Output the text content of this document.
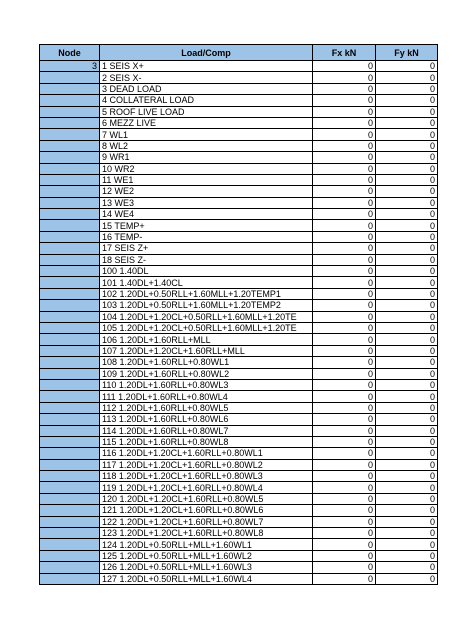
Node	Load/Comp	Fx kN	Fy kN
3	1 SEIS X+	0	0
	2 SEIS X-	0	0
	3 DEAD LOAD	0	0
	4 COLLATERAL LOAD	0	0
	5 ROOF LIVE LOAD	0	0
	6 MEZZ LIVE	0	0
	7 WL1	0	0
	8 WL2	0	0
	9 WR1	0	0
	10 WR2	0	0
	11 WE1	0	0
	12 WE2	0	0
	13 WE3	0	0
	14 WE4	0	0
	15 TEMP+	0	0
	16 TEMP-	0	0
	17 SEIS Z+	0	0
	18 SEIS Z-	0	0
	100 1.40DL	0	0
	101 1.40DL+1.40CL	0	0
	102 1.20DL+0.50RLL+1.60MLL+1.20TEMP1	0	0
	103 1.20DL+0.50RLL+1.60MLL+1.20TEMP2	0	0
	104 1.20DL+1.20CL+0.50RLL+1.60MLL+1.20TE	0	0
	105 1.20DL+1.20CL+0.50RLL+1.60MLL+1.20TE	0	0
	106 1.20DL+1.60RLL+MLL	0	0
	107 1.20DL+1.20CL+1.60RLL+MLL	0	0
	108 1.20DL+1.60RLL+0.80WL1	0	0
	109 1.20DL+1.60RLL+0.80WL2	0	0
	110 1.20DL+1.60RLL+0.80WL3	0	0
	111 1.20DL+1.60RLL+0.80WL4	0	0
	112 1.20DL+1.60RLL+0.80WL5	0	0
	113 1.20DL+1.60RLL+0.80WL6	0	0
	114 1.20DL+1.60RLL+0.80WL7	0	0
	115 1.20DL+1.60RLL+0.80WL8	0	0
	116 1.20DL+1.20CL+1.60RLL+0.80WL1	0	0
	117 1.20DL+1.20CL+1.60RLL+0.80WL2	0	0
	118 1.20DL+1.20CL+1.60RLL+0.80WL3	0	0
	119 1.20DL+1.20CL+1.60RLL+0.80WL4	0	0
	120 1.20DL+1.20CL+1.60RLL+0.80WL5	0	0
	121 1.20DL+1.20CL+1.60RLL+0.80WL6	0	0
	122 1.20DL+1.20CL+1.60RLL+0.80WL7	0	0
	123 1.20DL+1.20CL+1.60RLL+0.80WL8	0	0
	124 1.20DL+0.50RLL+MLL+1.60WL1	0	0
	125 1.20DL+0.50RLL+MLL+1.60WL2	0	0
	126 1.20DL+0.50RLL+MLL+1.60WL3	0	0
	127 1.20DL+0.50RLL+MLL+1.60WL4	0	0
